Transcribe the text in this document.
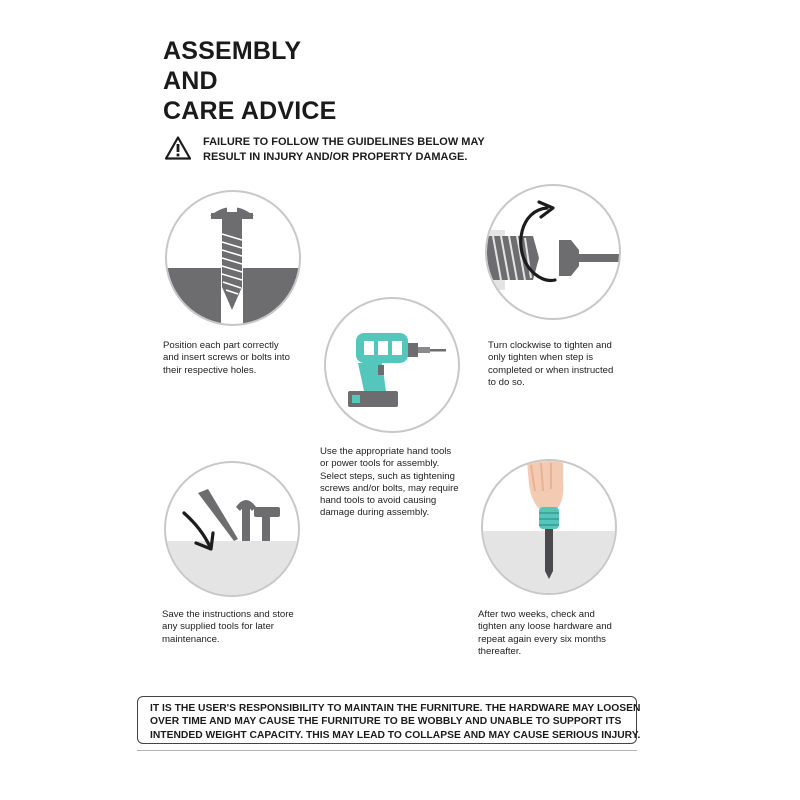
ASSEMBLY
AND
CARE ADVICE
FAILURE TO FOLLOW THE GUIDELINES BELOW MAY
RESULT IN INJURY AND/OR PROPERTY DAMAGE.
Position each part correctly
and insert screws or bolts into
their respective holes.
Use the appropriate hand tools
or power tools for assembly.
Select steps, such as tightening
screws and/or bolts, may require
hand tools to avoid causing
damage during assembly.
Turn clockwise to tighten and
only tighten when step is
completed or when instructed
to do so.
Save the instructions and store
any supplied tools for later
maintenance.
After two weeks, check and
tighten any loose hardware and
repeat again every six months
thereafter.
IT IS THE USER'S RESPONSIBILITY TO MAINTAIN THE FURNITURE. THE HARDWARE MAY LOOSEN
OVER TIME AND MAY CAUSE THE FURNITURE TO BE WOBBLY AND UNABLE TO SUPPORT ITS
INTENDED WEIGHT CAPACITY. THIS MAY LEAD TO COLLAPSE AND MAY CAUSE SERIOUS INJURY.
